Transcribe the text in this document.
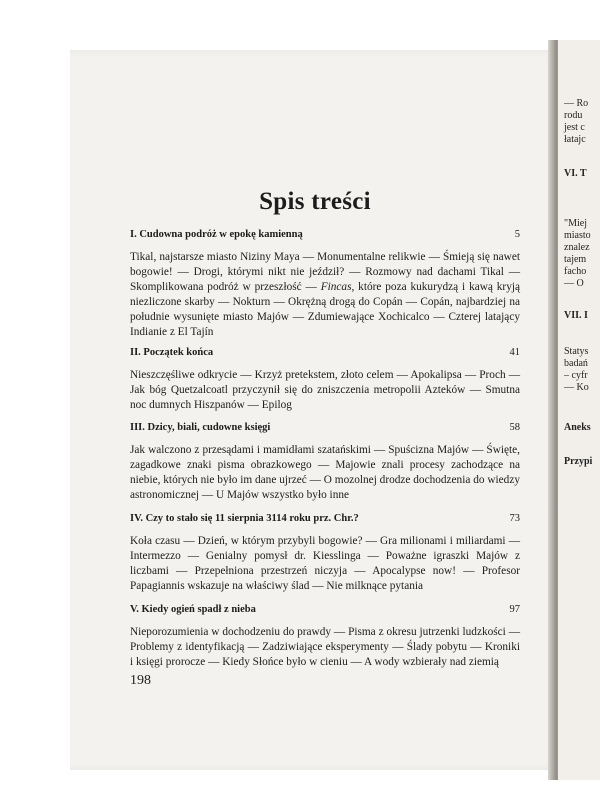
— Ro
rodu
jest c
łatajc
VI. T
"Miej
miasto
znalez
tajem
facho
— O
VII. I
Statys
badań
– cyfr
— Ko
Aneks
Przypi
Spis treści
I. Cudowna podróż w epokę kamienną	5
Tikal, najstarsze miasto Niziny Maya — Monumentalne relikwie — Śmieją się nawet bogowie! — Drogi, którymi nikt nie jeździł? — Rozmowy nad dachami Tikal — Skomplikowana podróż w przeszłość — Fincas, które poza kukurydzą i kawą kryją niezliczone skarby — Nokturn — Okrężną drogą do Copán — Copán, najbardziej na południe wysunięte miasto Majów — Zdumiewające Xochicalco — Czterej latający Indianie z El Tajín
II. Początek końca	41
Nieszczęśliwe odkrycie — Krzyż pretekstem, złoto celem — Apokalipsa — Proch — Jak bóg Quetzalcoatl przyczynił się do zniszczenia metropolii Azteków — Smutna noc dumnych Hiszpanów — Epilog
III. Dzicy, biali, cudowne księgi	58
Jak walczono z przesądami i mamidłami szatańskimi — Spuścizna Majów — Święte, zagadkowe znaki pisma obrazkowego — Majowie znali procesy zachodzące na niebie, których nie było im dane ujrzeć — O mozolnej drodze dochodzenia do wiedzy astronomicznej — U Majów wszystko było inne
IV. Czy to stało się 11 sierpnia 3114 roku prz. Chr.?	73
Koła czasu — Dzień, w którym przybyli bogowie? — Gra milionami i miliardami — Intermezzo — Genialny pomysł dr. Kiesslinga — Poważne igraszki Majów z liczbami — Przepełniona przestrzeń niczyja — Apocalypse now! — Profesor Papagiannis wskazuje na właściwy ślad — Nie milknące pytania
V. Kiedy ogień spadł z nieba	97
Nieporozumienia w dochodzeniu do prawdy — Pisma z okresu jutrzenki ludzkości — Problemy z identyfikacją — Zadziwiające eksperymenty — Ślady pobytu — Kroniki i księgi prorocze — Kiedy Słońce było w cieniu — A wody wzbierały nad ziemią
198
